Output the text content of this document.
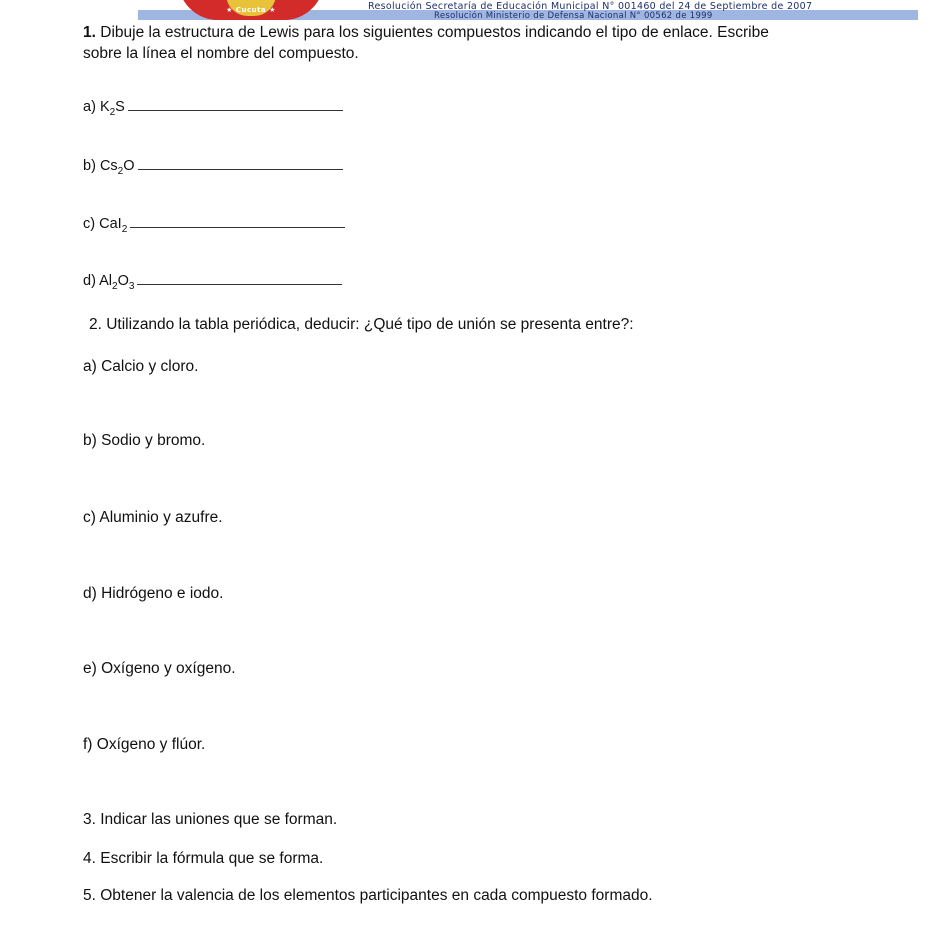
★ Cucuta ★	Resolución Secretaría de Educación Municipal N° 001460 del 24 de Septiembre de 2007
Resolución Ministerio de Defensa Nacional N° 00562 de 1999

1. Dibuje la estructura de Lewis para los siguientes compuestos indicando el tipo de enlace. Escribe
sobre la línea el nombre del compuesto.

a) $K_2S$
b) $Cs_2O$
c) CaI$_2$
d) $Al_2O_3$
2. Utilizando la tabla periódica, deducir: ¿Qué tipo de unión se presenta entre?:
a) Calcio y cloro.
b) Sodio y bromo.
c) Aluminio y azufre.
d) Hidrógeno e iodo.
e) Oxígeno y oxígeno.
f) Oxígeno y flúor.
3. Indicar las uniones que se forman.
4. Escribir la fórmula que se forma.
5. Obtener la valencia de los elementos participantes en cada compuesto formado.
